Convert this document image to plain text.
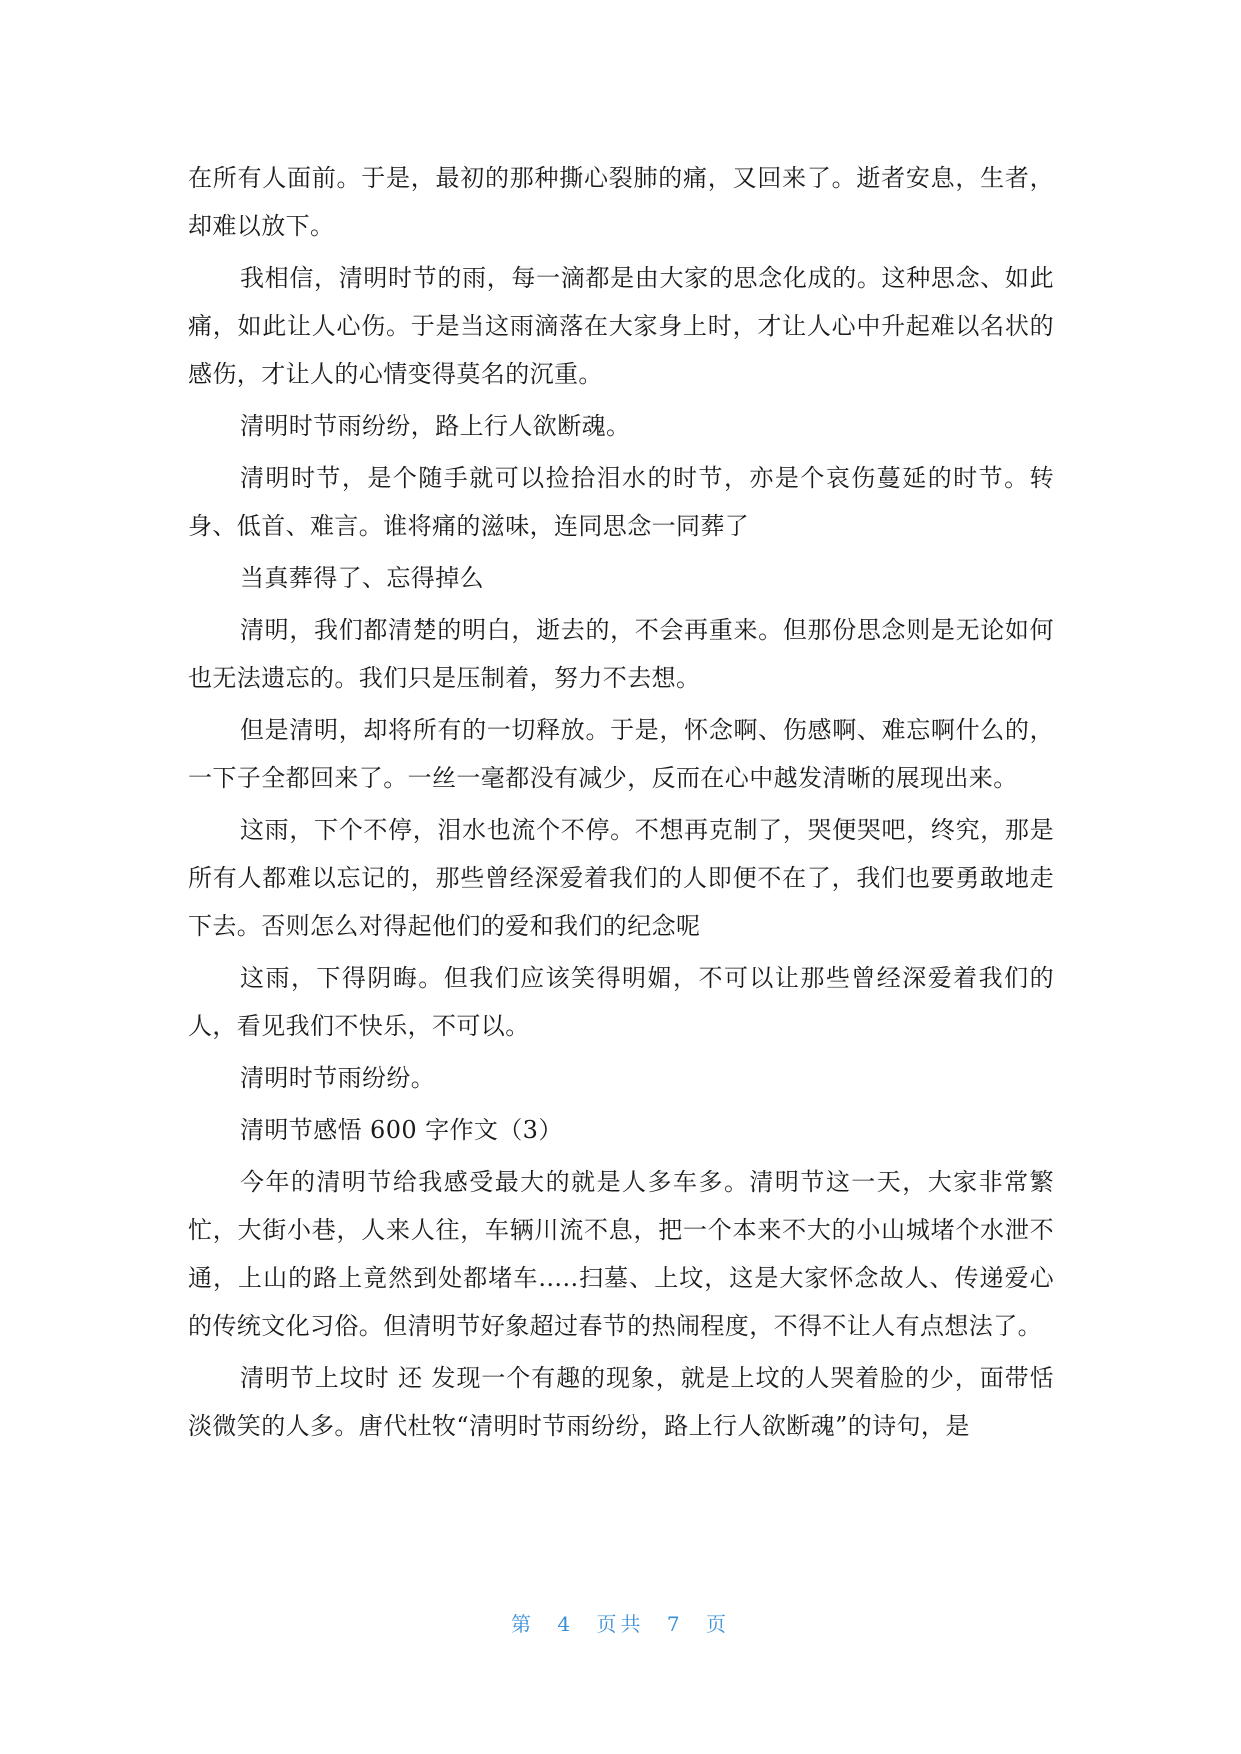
在所有人面前。于是，最初的那种撕心裂肺的痛，又回来了。逝者安息，生者，却难以放下。

我相信，清明时节的雨，每一滴都是由大家的思念化成的。这种思念、如此痛，如此让人心伤。于是当这雨滴落在大家身上时，才让人心中升起难以名状的感伤，才让人的心情变得莫名的沉重。

清明时节雨纷纷，路上行人欲断魂。

清明时节，是个随手就可以捡拾泪水的时节，亦是个哀伤蔓延的时节。转身、低首、难言。谁将痛的滋味，连同思念一同葬了

当真葬得了、忘得掉么

清明，我们都清楚的明白，逝去的，不会再重来。但那份思念则是无论如何也无法遗忘的。我们只是压制着，努力不去想。

但是清明，却将所有的一切释放。于是，怀念啊、伤感啊、难忘啊什么的，一下子全都回来了。一丝一毫都没有减少，反而在心中越发清晰的展现出来。

这雨，下个不停，泪水也流个不停。不想再克制了，哭便哭吧，终究，那是所有人都难以忘记的，那些曾经深爱着我们的人即便不在了，我们也要勇敢地走下去。否则怎么对得起他们的爱和我们的纪念呢

这雨，下得阴晦。但我们应该笑得明媚，不可以让那些曾经深爱着我们的人，看见我们不快乐，不可以。

清明时节雨纷纷。

清明节感悟 600 字作文（3）

今年的清明节给我感受最大的就是人多车多。清明节这一天，大家非常繁忙，大街小巷，人来人往，车辆川流不息，把一个本来不大的小山城堵个水泄不通，上山的路上竟然到处都堵车.....扫墓、上坟，这是大家怀念故人、传递爱心的传统文化习俗。但清明节好象超过春节的热闹程度，不得不让人有点想法了。

清明节上坟时 还 发现一个有趣的现象，就是上坟的人哭着脸的少，面带恬淡微笑的人多。唐代杜牧“清明时节雨纷纷，路上行人欲断魂”的诗句，是

第 4 页共 7 页
